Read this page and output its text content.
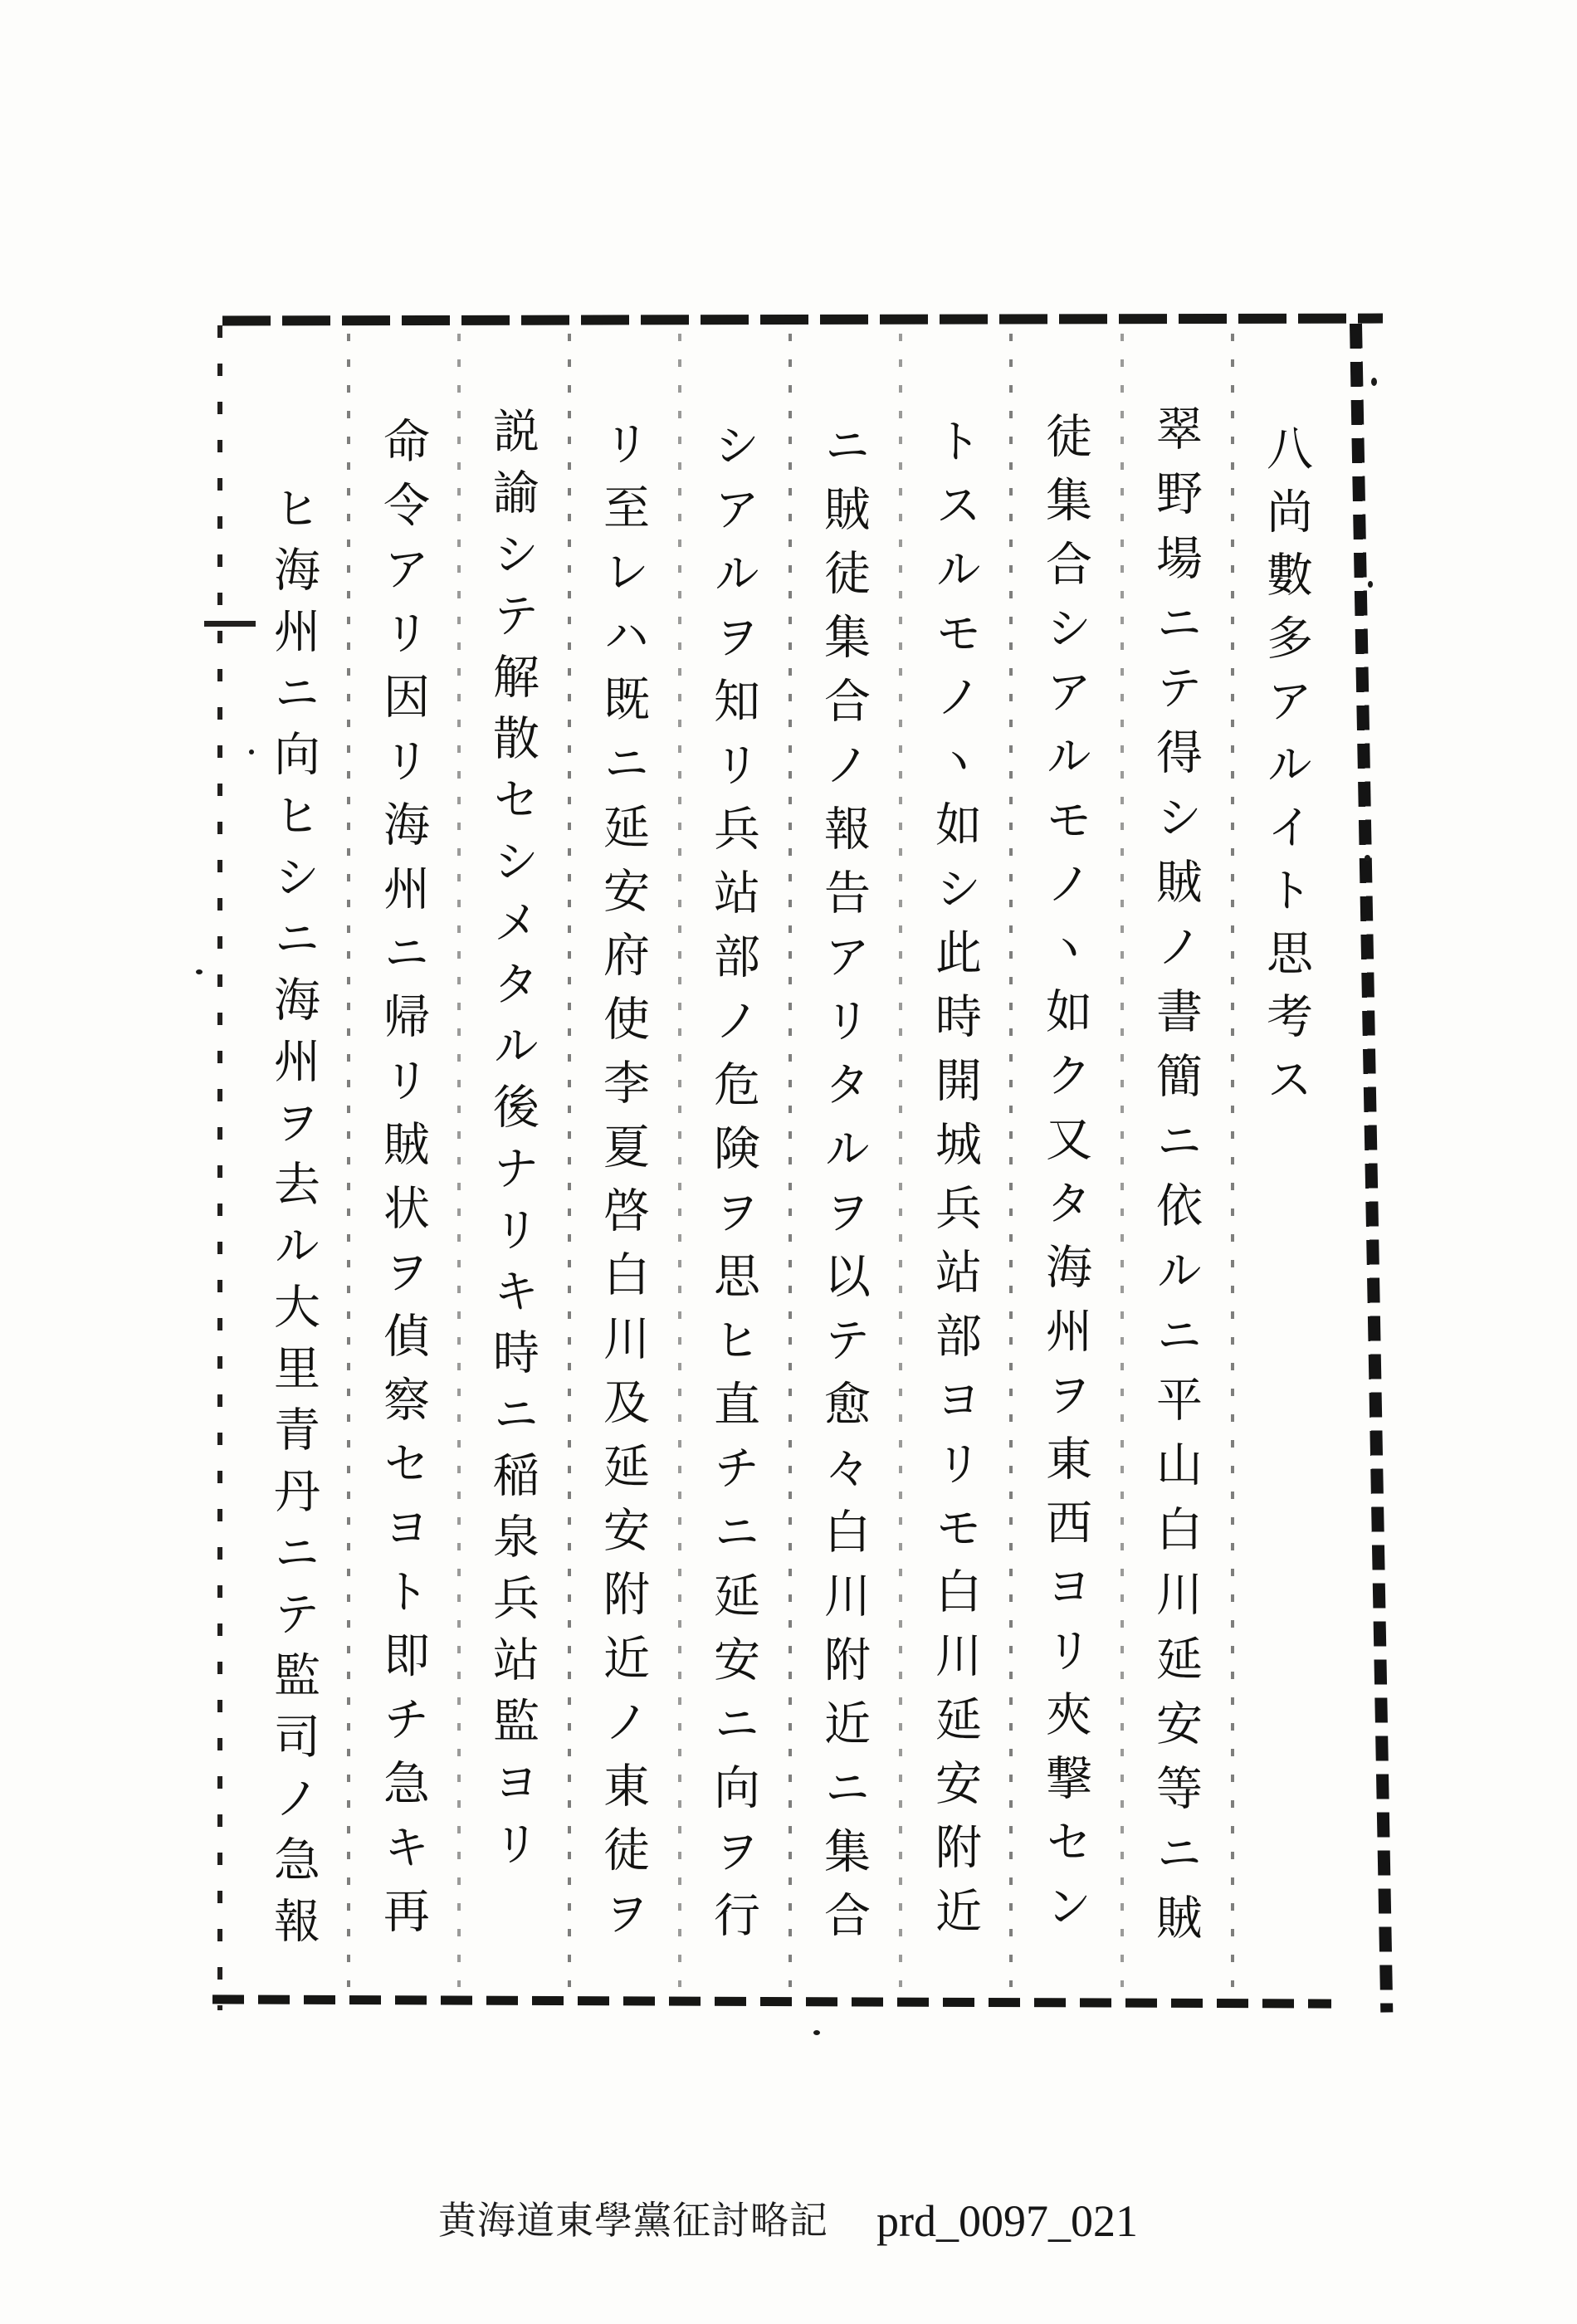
八尚數多アルイト思考ス
翠野場ニテ得シ賊ノ書簡ニ依ルニ平山白川延安等ニ賊
徒集合シアルモノヽ如ク又タ海州ヲ東西ヨリ夾撃セン
トスルモノヽ如シ此時開城兵站部ヨリモ白川延安附近
ニ賊徒集合ノ報告アリタルヲ以テ愈々白川附近ニ集合
シアルヲ知リ兵站部ノ危険ヲ思ヒ直チニ延安ニ向ヲ行
リ至レハ既ニ延安府使李夏啓白川及延安附近ノ東徒ヲ
説諭シテ解散セシメタル後ナリキ時ニ稲泉兵站監ヨリ
命令アリ因リ海州ニ帰リ賊状ヲ偵察セヨト即チ急キ再
ヒ海州ニ向ヒシニ海州ヲ去ル大里青丹ニテ監司ノ急報
黄海道東學黨征討略記 prd_0097_021
